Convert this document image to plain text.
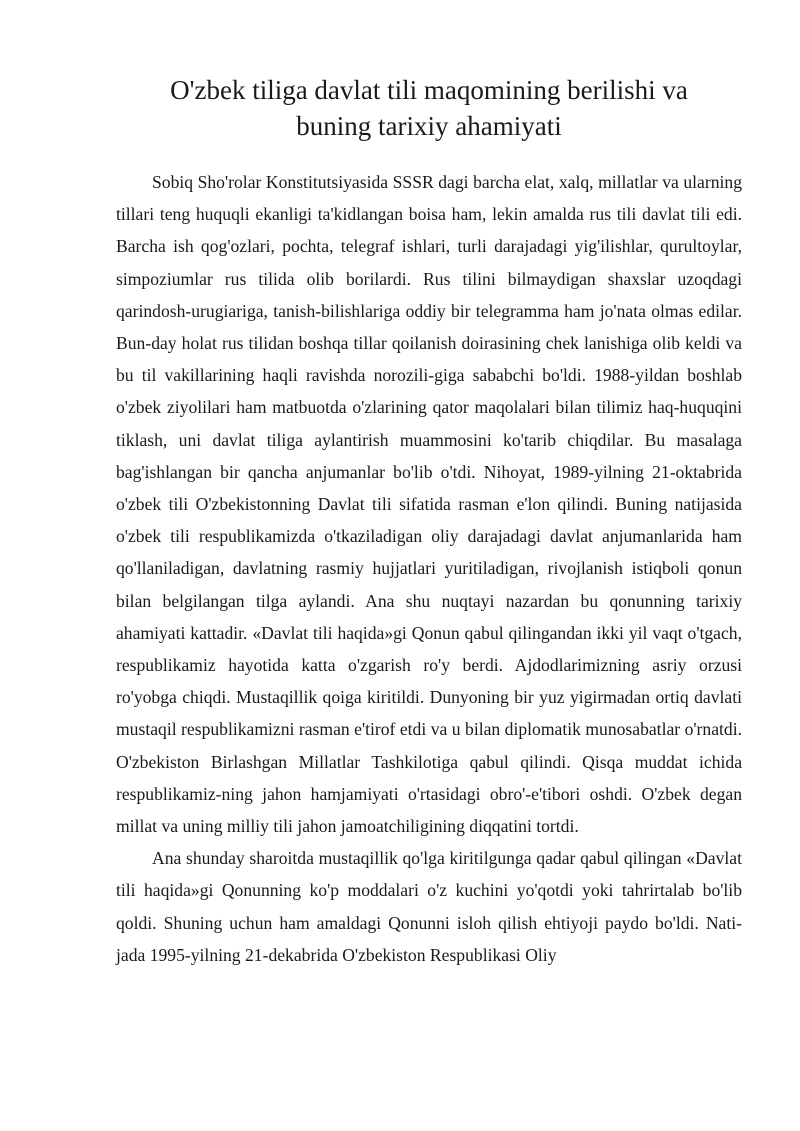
O'zbek tiliga davlat tili maqomining berilishi va
buning tarixiy ahamiyati

Sobiq Sho'rolar Konstitutsiyasida SSSR dagi barcha elat, xalq, millatlar va ularning tillari teng huquqli ekanligi ta'kidlangan boisa ham, lekin amalda rus tili davlat tili edi. Barcha ish qog'ozlari, pochta, telegraf ishlari, turli darajadagi yig'ilishlar, qurultoylar, simpoziumlar rus tilida olib borilardi. Rus tilini bilmaydigan shaxslar uzoqdagi qarindosh-urugiariga, tanish-bilishlariga oddiy bir telegramma ham jo'nata olmas edilar. Bun-day holat rus tilidan boshqa tillar qoilanish doirasining chek lanishiga olib keldi va bu til vakillarining haqli ravishda norozili-giga sababchi bo'ldi. 1988-yildan boshlab o'zbek ziyolilari ham matbuotda o'zlarining qator maqolalari bilan tilimiz haq-huquqini tiklash, uni davlat tiliga aylantirish muammosini ko'tarib chiqdilar. Bu masalaga bag'ishlangan bir qancha anjumanlar bo'lib o'tdi. Nihoyat, 1989-yilning 21-oktabrida o'zbek tili O'zbekistonning Davlat tili sifatida rasman e'lon qilindi. Buning natijasida o'zbek tili respublikamizda o'tkaziladigan oliy darajadagi davlat anjumanlarida ham qo'llaniladigan, davlatning rasmiy hujjatlari yuritiladigan, rivojlanish istiqboli qonun bilan belgilangan tilga aylandi. Ana shu nuqtayi nazardan bu qonunning tarixiy ahamiyati kattadir. «Davlat tili haqida»gi Qonun qabul qilingandan ikki yil vaqt o'tgach, respublikamiz hayotida katta o'zgarish ro'y berdi. Ajdodlarimizning asriy orzusi ro'yobga chiqdi. Mustaqillik qoiga kiritildi. Dunyoning bir yuz yigirmadan ortiq davlati mustaqil respublikamizni rasman e'tirof etdi va u bilan diplomatik munosabatlar o'rnatdi. O'zbekiston Birlashgan Millatlar Tashkilotiga qabul qilindi. Qisqa muddat ichida respublikamiz-ning jahon hamjamiyati o'rtasidagi obro'-e'tibori oshdi. O'zbek degan millat va uning milliy tili jahon jamoatchiligining diqqatini tortdi.

Ana shunday sharoitda mustaqillik qo'lga kiritilgunga qadar qabul qilingan «Davlat tili haqida»gi Qonunning ko'p moddalari o'z kuchini yo'qotdi yoki tahrirtalab bo'lib qoldi. Shuning uchun ham amaldagi Qonunni isloh qilish ehtiyoji paydo bo'ldi. Nati-jada 1995-yilning 21-dekabrida O'zbekiston Respublikasi Oliy
